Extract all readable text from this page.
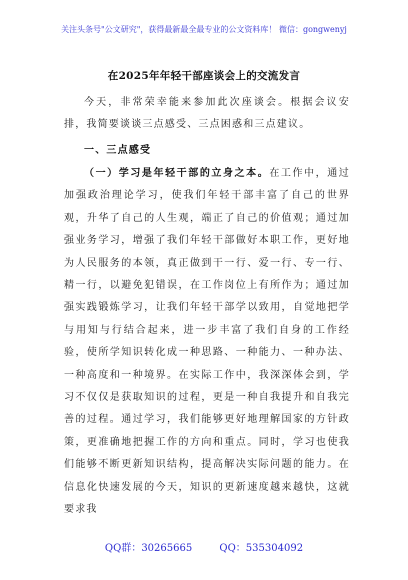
关注头条号"公文研究"，获得最新最全最专业的公文资料库！ 微信：gongwenyj
在2025年年轻干部座谈会上的交流发言
今天，非常荣幸能来参加此次座谈会。根据会议安排，我简要谈谈三点感受、三点困惑和三点建议。
一、三点感受
（一）学习是年轻干部的立身之本。在工作中，通过加强政治理论学习，使我们年轻干部丰富了自己的世界观，升华了自己的人生观，端正了自己的价值观；通过加强业务学习，增强了我们年轻干部做好本职工作，更好地为人民服务的本领，真正做到干一行、爱一行、专一行、精一行，以避免犯错误，在工作岗位上有所作为；通过加强实践锻炼学习，让我们年轻干部学以致用，自觉地把学与用知与行结合起来，进一步丰富了我们自身的工作经验，使所学知识转化成一种思路、一种能力、一种办法、一种高度和一种境界。在实际工作中，我深深体会到，学习不仅仅是获取知识的过程，更是一种自我提升和自我完善的过程。通过学习，我们能够更好地理解国家的方针政策，更准确地把握工作的方向和重点。同时，学习也使我们能够不断更新知识结构，提高解决实际问题的能力。在信息化快速发展的今天，知识的更新速度越来越快，这就要求我
QQ群：30265665	QQ：535304092
